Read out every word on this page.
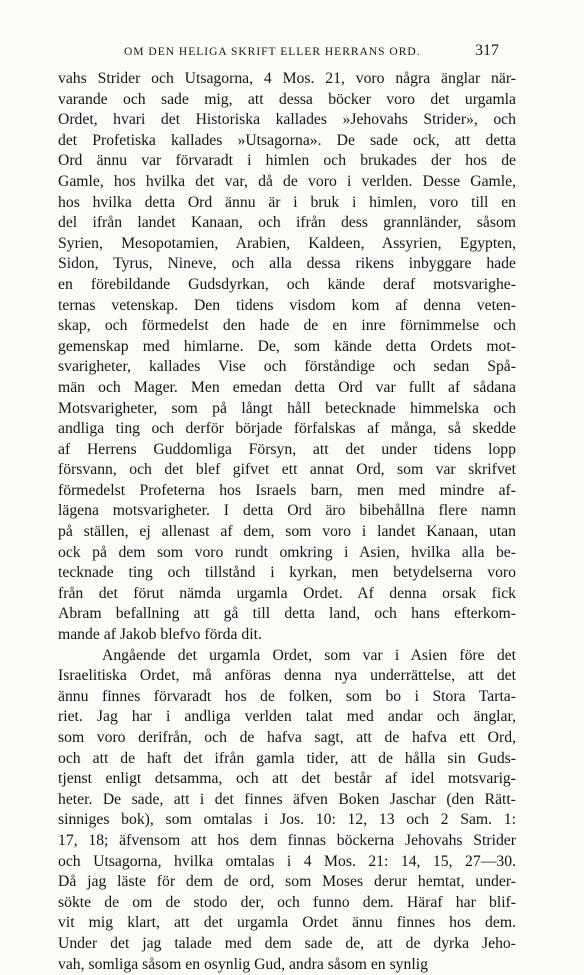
OM DEN HELIGA SKRIFT ELLER HERRANS ORD.	317
vahs Strider och Utsagorna, 4 Mos. 21, voro några änglar när-
varande och sade mig, att dessa böcker voro det urgamla
Ordet, hvari det Historiska kallades »Jehovahs Strider», och
det Profetiska kallades »Utsagorna». De sade ock, att detta
Ord ännu var förvaradt i himlen och brukades der hos de
Gamle, hos hvilka det var, då de voro i verlden. Desse Gamle,
hos hvilka detta Ord ännu är i bruk i himlen, voro till en
del ifrån landet Kanaan, och ifrån dess grannländer, såsom
Syrien, Mesopotamien, Arabien, Kaldeen, Assyrien, Egypten,
Sidon, Tyrus, Nineve, och alla dessa rikens inbyggare hade
en förebildande Gudsdyrkan, och kände deraf motsvarighe-
ternas vetenskap. Den tidens visdom kom af denna veten-
skap, och förmedelst den hade de en inre förnimmelse och
gemenskap med himlarne. De, som kände detta Ordets mot-
svarigheter, kallades Vise och förståndige och sedan Spå-
män och Mager. Men emedan detta Ord var fullt af sådana
Motsvarigheter, som på långt håll betecknade himmelska och
andliga ting och derför började förfalskas af många, så skedde
af Herrens Guddomliga Försyn, att det under tidens lopp
försvann, och det blef gifvet ett annat Ord, som var skrifvet
förmedelst Profeterna hos Israels barn, men med mindre af-
lägena motsvarigheter. I detta Ord äro bibehållna flere namn
på ställen, ej allenast af dem, som voro i landet Kanaan, utan
ock på dem som voro rundt omkring i Asien, hvilka alla be-
tecknade ting och tillstånd i kyrkan, men betydelserna voro
från det förut nämda urgamla Ordet. Af denna orsak fick
Abram befallning att gå till detta land, och hans efterkom-
mande af Jakob blefvo förda dit.
Angående det urgamla Ordet, som var i Asien före det
Israelitiska Ordet, må anföras denna nya underrättelse, att det
ännu finnes förvaradt hos de folken, som bo i Stora Tarta-
riet. Jag har i andliga verlden talat med andar och änglar,
som voro derifrån, och de hafva sagt, att de hafva ett Ord,
och att de haft det ifrån gamla tider, att de hålla sin Guds-
tjenst enligt detsamma, och att det består af idel motsvarig-
heter. De sade, att i det finnes äfven Boken Jaschar (den Rätt-
sinniges bok), som omtalas i Jos. 10: 12, 13 och 2 Sam. 1:
17, 18; äfvensom att hos dem finnas böckerna Jehovahs Strider
och Utsagorna, hvilka omtalas i 4 Mos. 21: 14, 15, 27—30.
Då jag läste för dem de ord, som Moses derur hemtat, under-
sökte de om de stodo der, och funno dem. Häraf har blif-
vit mig klart, att det urgamla Ordet ännu finnes hos dem.
Under det jag talade med dem sade de, att de dyrka Jeho-
vah, somliga såsom en osynlig Gud, andra såsom en synlig
